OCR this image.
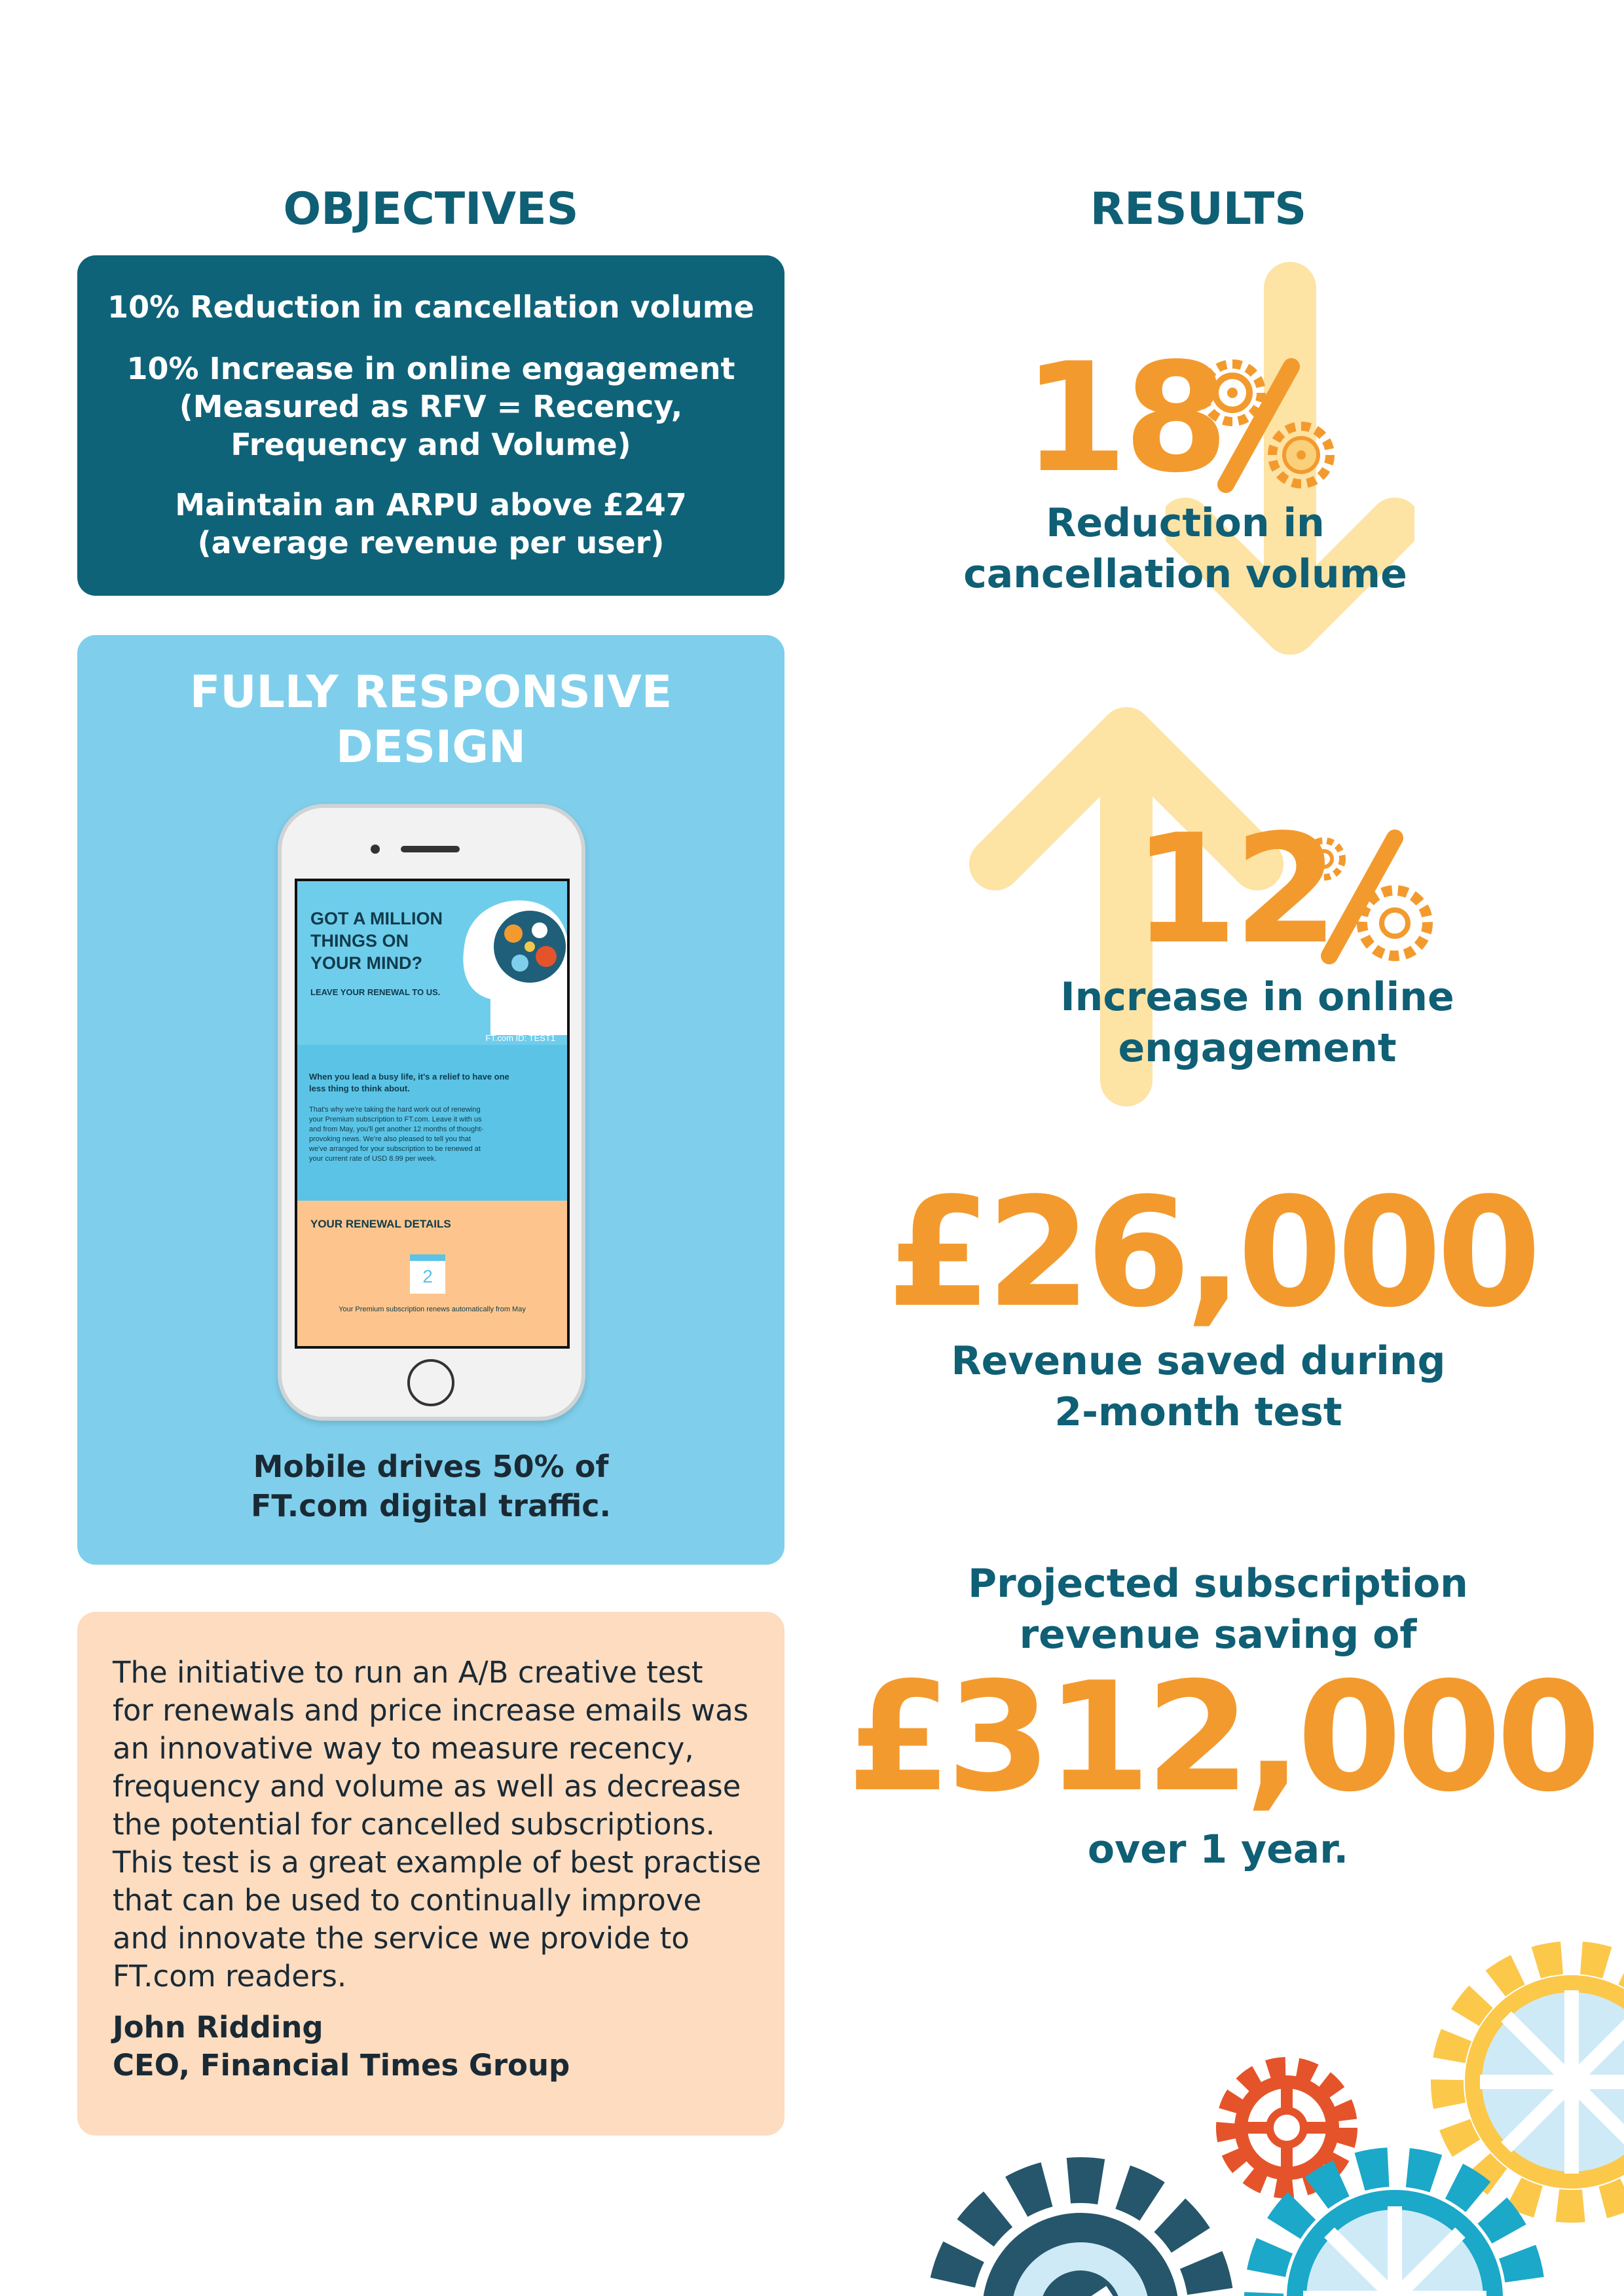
OBJECTIVES
10% Reduction in cancellation volume
10% Increase in online engagement
(Measured as RFV = Recency,
Frequency and Volume)
Maintain an ARPU above £247
(average revenue per user)
FULLY RESPONSIVE
DESIGN
GOT A MILLION
THINGS ON
YOUR MIND?
LEAVE YOUR RENEWAL TO US.
FT.com ID: TEST1
When you lead a busy life, it's a relief to have one
less thing to think about.
That's why we're taking the hard work out of renewing
your Premium subscription to FT.com. Leave it with us
and from May, you'll get another 12 months of thought-
provoking news. We're also pleased to tell you that
we've arranged for your subscription to be renewed at
your current rate of USD 8.99 per week.
YOUR RENEWAL DETAILS
2
Your Premium subscription renews automatically from May
Mobile drives 50% of
FT.com digital traffic.
The initiative to run an A/B creative test
for renewals and price increase emails was
an innovative way to measure recency,
frequency and volume as well as decrease
the potential for cancelled subscriptions.
This test is a great example of best practise
that can be used to continually improve
and innovate the service we provide to
FT.com readers.
John Ridding
CEO, Financial Times Group
RESULTS
18
Reduction in
cancellation volume
12
Increase in online
engagement
£26,000
Revenue saved during
2-month test
Projected subscription
revenue saving of
£312,000
over 1 year.
